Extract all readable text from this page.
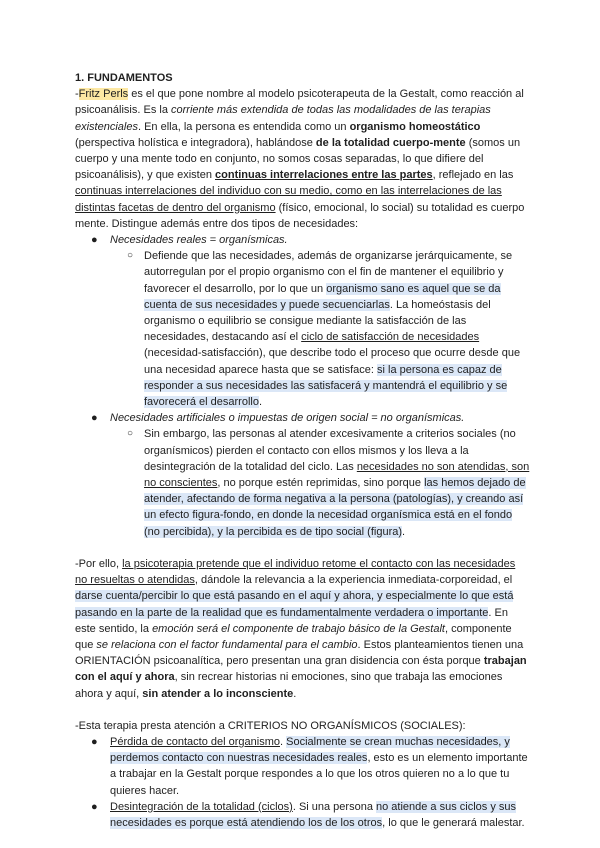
1. FUNDAMENTOS

-Fritz Perls es el que pone nombre al modelo psicoterapeuta de la Gestalt, como reacción al psicoanálisis. Es la corriente más extendida de todas las modalidades de las terapias existenciales. En ella, la persona es entendida como un organismo homeostático (perspectiva holística e integradora), hablándose de la totalidad cuerpo-mente (somos un cuerpo y una mente todo en conjunto, no somos cosas separadas, lo que difiere del psicoanálisis), y que existen continuas interrelaciones entre las partes, reflejado en las continuas interrelaciones del individuo con su medio, como en las interrelaciones de las distintas facetas de dentro del organismo (físico, emocional, lo social) su totalidad es cuerpo mente. Distingue además entre dos tipos de necesidades:

● Necesidades reales = organísmicas.

○ Defiende que las necesidades, además de organizarse jerárquicamente, se autorregulan por el propio organismo con el fin de mantener el equilibrio y favorecer el desarrollo, por lo que un organismo sano es aquel que se da cuenta de sus necesidades y puede secuenciarlas. La homeóstasis del organismo o equilibrio se consigue mediante la satisfacción de las necesidades, destacando así el ciclo de satisfacción de necesidades (necesidad-satisfacción), que describe todo el proceso que ocurre desde que una necesidad aparece hasta que se satisface: si la persona es capaz de responder a sus necesidades las satisfacerá y mantendrá el equilibrio y se favorecerá el desarrollo.

● Necesidades artificiales o impuestas de origen social = no organísmicas.

○ Sin embargo, las personas al atender excesivamente a criterios sociales (no organísmicos) pierden el contacto con ellos mismos y los lleva a la desintegración de la totalidad del ciclo. Las necesidades no son atendidas, son no conscientes, no porque estén reprimidas, sino porque las hemos dejado de atender, afectando de forma negativa a la persona (patologías), y creando así un efecto figura-fondo, en donde la necesidad organísmica está en el fondo (no percibida), y la percibida es de tipo social (figura).

-Por ello, la psicoterapia pretende que el individuo retome el contacto con las necesidades no resueltas o atendidas, dándole la relevancia a la experiencia inmediata-corporeidad, el darse cuenta/percibir lo que está pasando en el aquí y ahora, y especialmente lo que está pasando en la parte de la realidad que es fundamentalmente verdadera o importante. En este sentido, la emoción será el componente de trabajo básico de la Gestalt, componente que se relaciona con el factor fundamental para el cambio. Estos planteamientos tienen una ORIENTACIÓN psicoanalítica, pero presentan una gran disidencia con ésta porque trabajan con el aquí y ahora, sin recrear historias ni emociones, sino que trabaja las emociones ahora y aquí, sin atender a lo inconsciente.

-Esta terapia presta atención a CRITERIOS NO ORGANÍSMICOS (SOCIALES):

● Pérdida de contacto del organismo. Socialmente se crean muchas necesidades, y perdemos contacto con nuestras necesidades reales, esto es un elemento importante a trabajar en la Gestalt porque respondes a lo que los otros quieren no a lo que tu quieres hacer.

● Desintegración de la totalidad (ciclos). Si una persona no atiende a sus ciclos y sus necesidades es porque está atendiendo los de los otros, lo que le generará malestar.
